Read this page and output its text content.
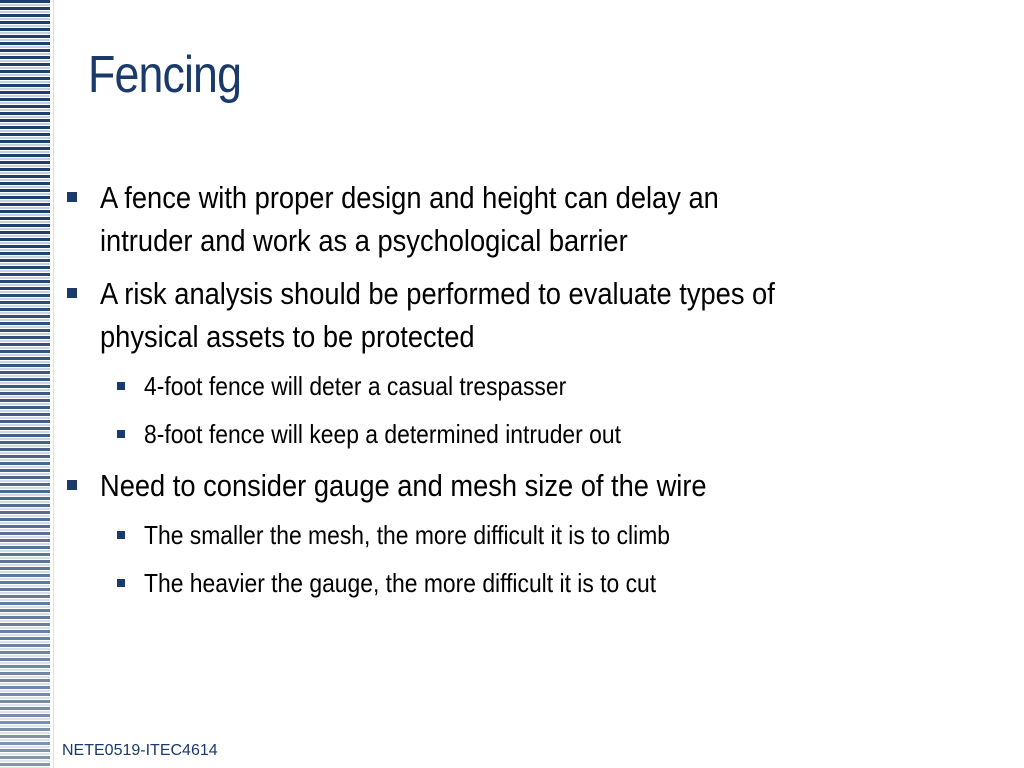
Fencing
A fence with proper design and height can delay an
intruder and work as a psychological barrier
A risk analysis should be performed to evaluate types of
physical assets to be protected
4-foot fence will deter a casual trespasser
8-foot fence will keep a determined intruder out
Need to consider gauge and mesh size of the wire
The smaller the mesh, the more difficult it is to climb
The heavier the gauge, the more difficult it is to cut
NETE0519-ITEC4614
